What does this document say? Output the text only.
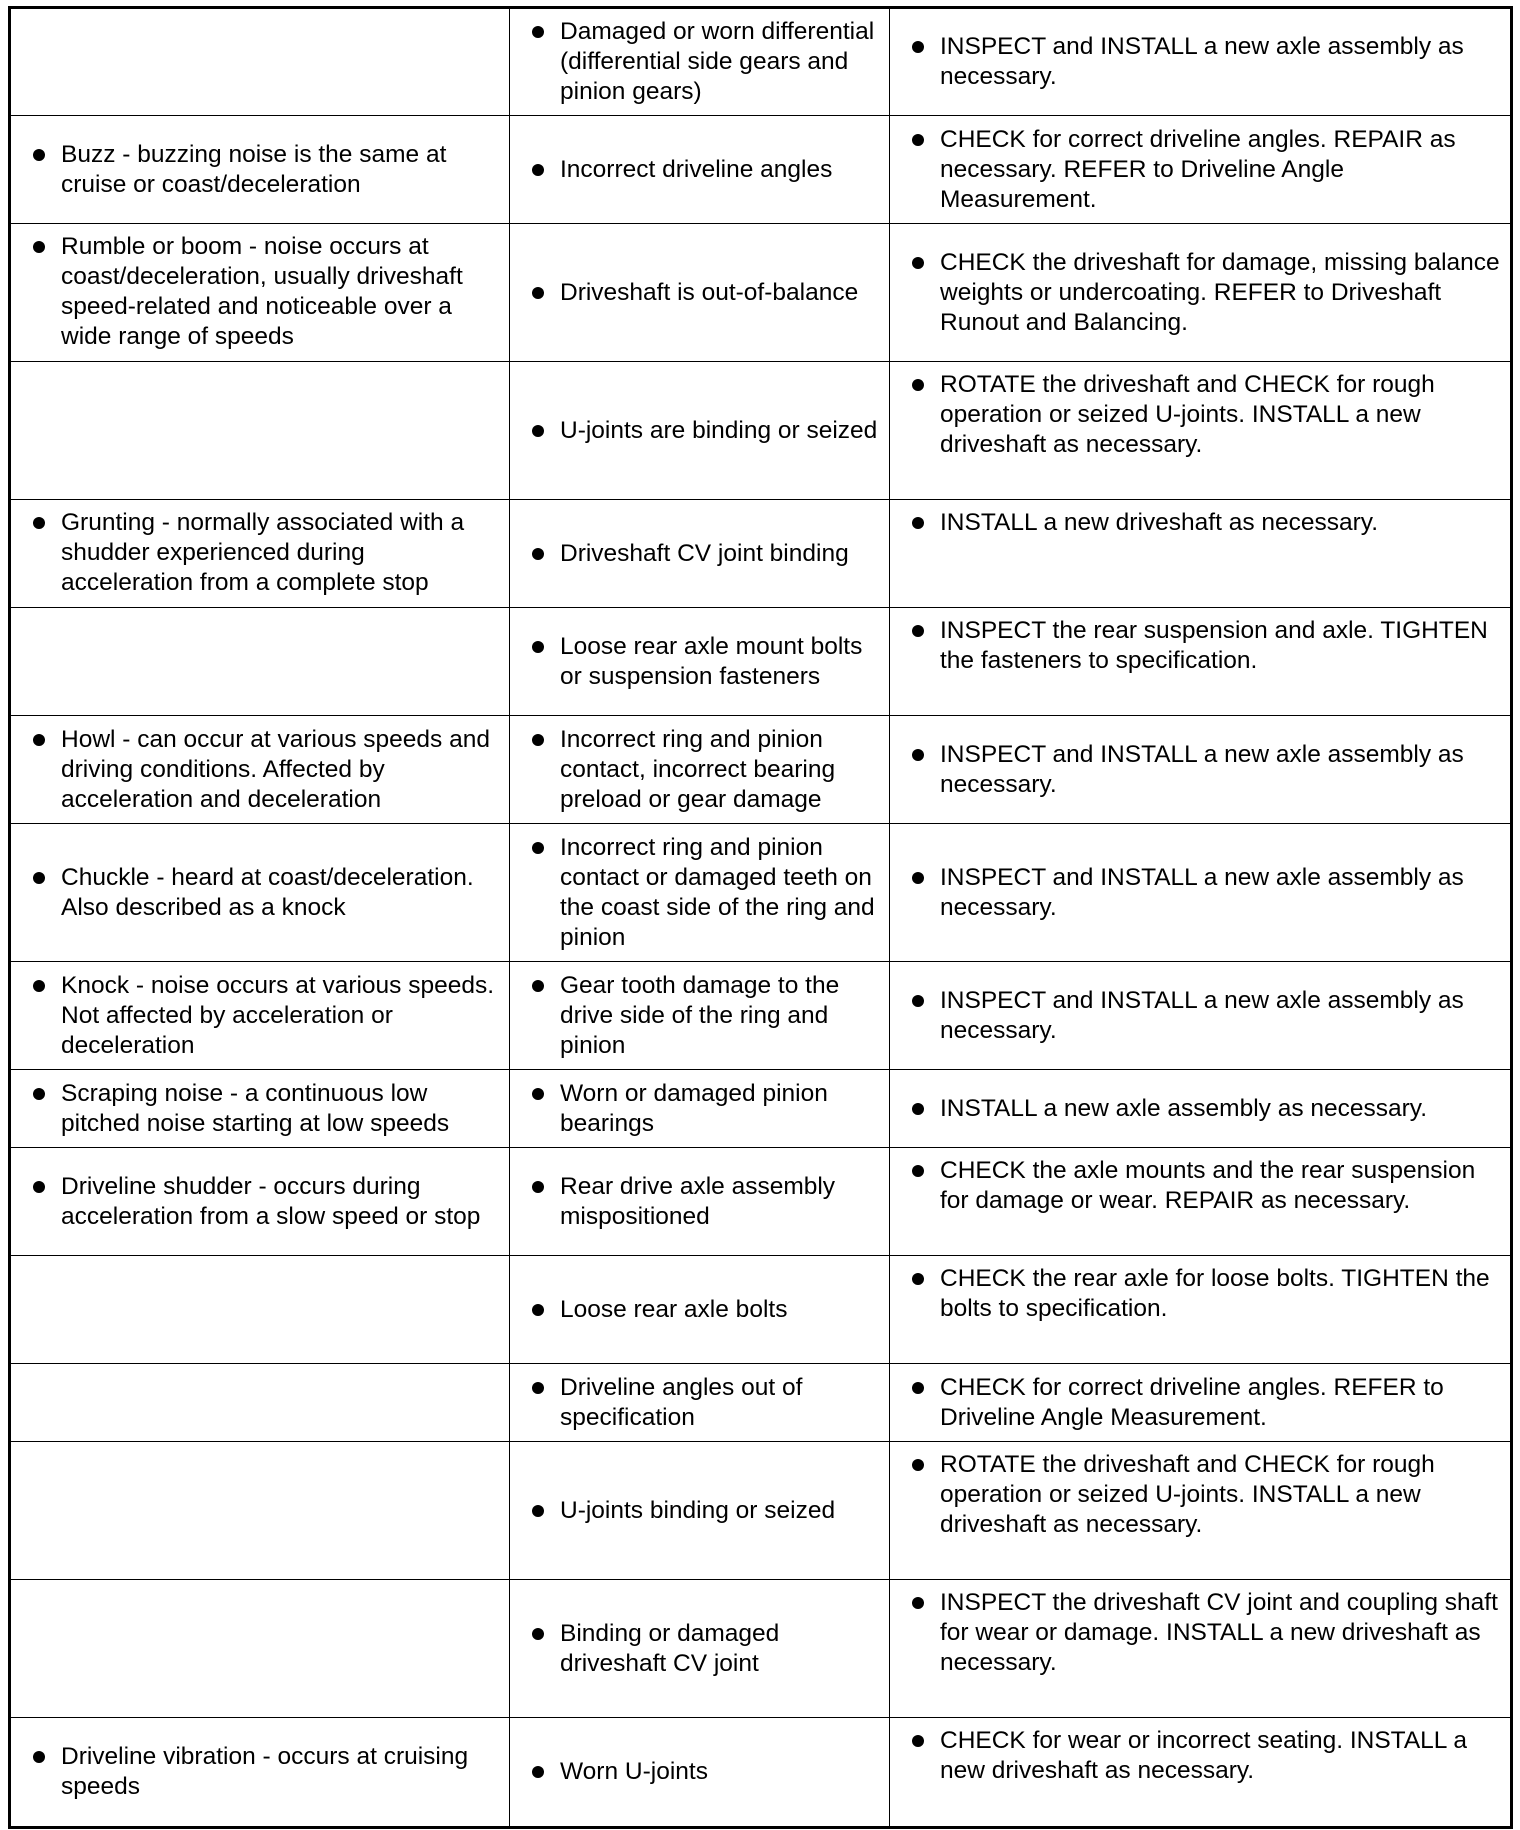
	Damaged or worn differential (differential side gears and pinion gears)	INSPECT and INSTALL a new axle assembly as necessary.

Buzz - buzzing noise is the same at cruise or coast/deceleration	Incorrect driveline angles	CHECK for correct driveline angles. REPAIR as necessary. REFER to Driveline Angle Measurement.

Rumble or boom - noise occurs at coast/deceleration, usually driveshaft speed-related and noticeable over a wide range of speeds	Driveshaft is out-of-balance	CHECK the driveshaft for damage, missing balance weights or undercoating. REFER to Driveshaft Runout and Balancing.

	U-joints are binding or seized	ROTATE the driveshaft and CHECK for rough operation or seized U-joints. INSTALL a new driveshaft as necessary.

Grunting - normally associated with a shudder experienced during acceleration from a complete stop	Driveshaft CV joint binding	INSTALL a new driveshaft as necessary.

	Loose rear axle mount bolts or suspension fasteners	INSPECT the rear suspension and axle. TIGHTEN the fasteners to specification.

Howl - can occur at various speeds and driving conditions. Affected by acceleration and deceleration	Incorrect ring and pinion contact, incorrect bearing preload or gear damage	INSPECT and INSTALL a new axle assembly as necessary.

Chuckle - heard at coast/deceleration. Also described as a knock	Incorrect ring and pinion contact or damaged teeth on the coast side of the ring and pinion	INSPECT and INSTALL a new axle assembly as necessary.

Knock - noise occurs at various speeds. Not affected by acceleration or deceleration	Gear tooth damage to the drive side of the ring and pinion	INSPECT and INSTALL a new axle assembly as necessary.

Scraping noise - a continuous low pitched noise starting at low speeds	Worn or damaged pinion bearings	INSTALL a new axle assembly as necessary.

Driveline shudder - occurs during acceleration from a slow speed or stop	Rear drive axle assembly mispositioned	CHECK the axle mounts and the rear suspension for damage or wear. REPAIR as necessary.

	Loose rear axle bolts	CHECK the rear axle for loose bolts. TIGHTEN the bolts to specification.

	Driveline angles out of specification	CHECK for correct driveline angles. REFER to Driveline Angle Measurement.

	U-joints binding or seized	ROTATE the driveshaft and CHECK for rough operation or seized U-joints. INSTALL a new driveshaft as necessary.

	Binding or damaged driveshaft CV joint	INSPECT the driveshaft CV joint and coupling shaft for wear or damage. INSTALL a new driveshaft as necessary.

Driveline vibration - occurs at cruising speeds	Worn U-joints	CHECK for wear or incorrect seating. INSTALL a new driveshaft as necessary.
